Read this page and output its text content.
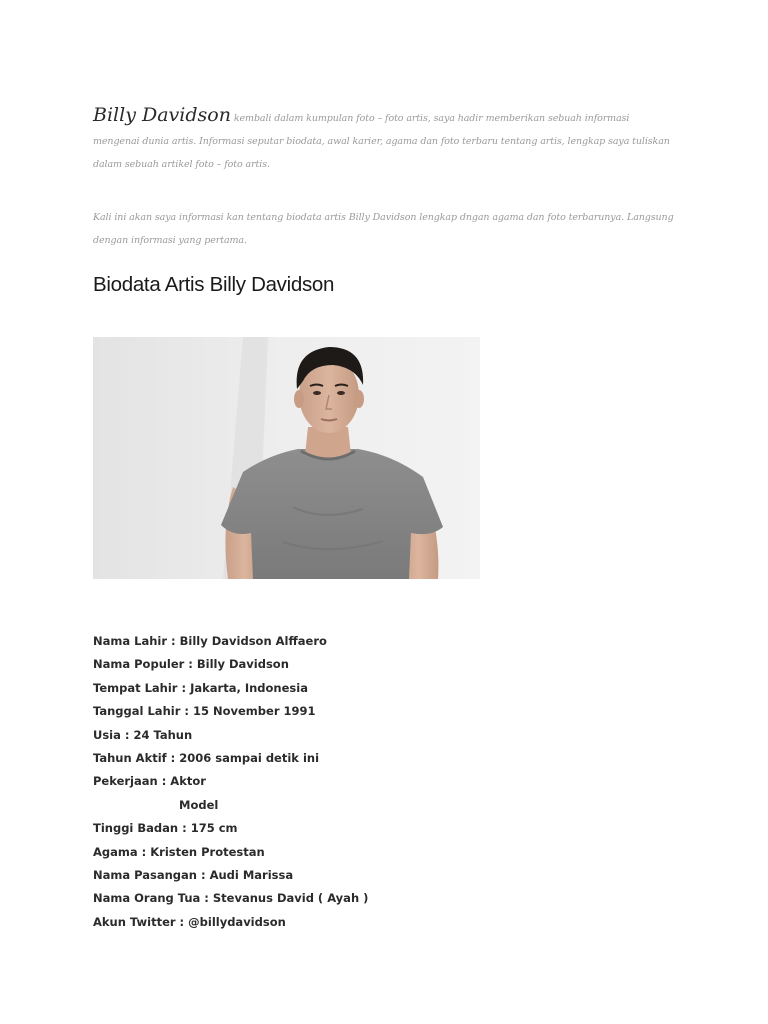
Billy Davidson kembali dalam kumpulan foto – foto artis, saya hadir memberikan sebuah informasi mengenai dunia artis. Informasi seputar biodata, awal karier, agama dan foto terbaru tentang artis, lengkap saya tuliskan dalam sebuah artikel foto – foto artis.
Kali ini akan saya informasi kan tentang biodata artis Billy Davidson lengkap dngan agama dan foto terbarunya. Langsung dengan informasi yang pertama.
Biodata Artis Billy Davidson
Nama Lahir : Billy Davidson Alffaero
Nama Populer : Billy Davidson
Tempat Lahir : Jakarta, Indonesia
Tanggal Lahir : 15 November 1991
Usia : 24 Tahun
Tahun Aktif : 2006 sampai detik ini
Pekerjaan : Aktor
Model
Tinggi Badan : 175 cm
Agama : Kristen Protestan
Nama Pasangan : Audi Marissa
Nama Orang Tua : Stevanus David ( Ayah )
Akun Twitter : @billydavidson
